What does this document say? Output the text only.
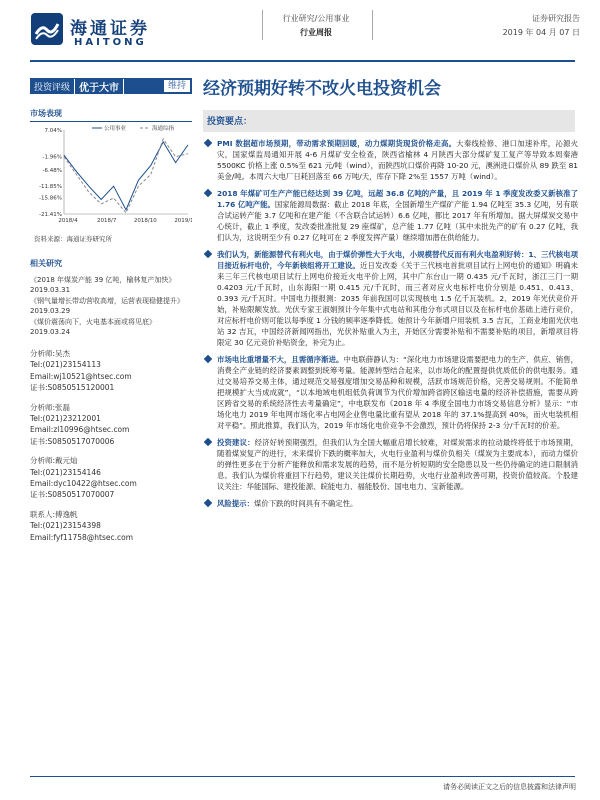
海通证券
HAITONG
行业研究/公用事业
行业周报
证券研究报告
2019 年 04 月 07 日
投资评级 优于大市	维持 经济预期好转不改火电投资机会
市场表现
7.04%
-1.96%
-6.48%
-11.85%
-15.86%
-21.41%
2018/4	2018/7	2018/10	2019/1
公用事业	海通综指
资料来源：海通证券研究所
相关研究
《2018 年煤炭产能 39 亿吨，榆林复产加快》2019.03.31
《钢气量增长带动营收高增，运营表现稳健提升》2019.03.29
《煤价震荡向下，火电基本面或将见底》2019.03.24
分析师:吴杰
Tel:(021)23154113
Email:wj10521@htsec.com
证书:S0850515120001
分析师:张磊
Tel:(021)23212001
Email:zl10996@htsec.com
证书:S0850517070006
分析师:戴元灿
Tel:(021)23154146
Email:dyc10422@htsec.com
证书:S0850517070007
联系人:傅逸帆
Tel:(021)23154398
Email:fyf11758@htsec.com
投资要点：
PMI 数据超市场预期，带动需求预期回暖，动力煤期货现货价格走高。大秦线检修、港口加速补库，沁源火灾，国家煤监局通知开展 4-6 月煤矿安全检查，陕西省榆林 4 月陕西大部分煤矿复工复产等导致本周秦港 5500KC 价格上涨 0.5%至 621 元/吨（wind），而陕西坑口煤价再降 10-20 元，澳洲进口煤价从 89 跌至 81 美金/吨。本周六大电厂日耗回落至 66 万吨/天，库存下降 2%至 1557 万吨（wind）。
2018 年煤矿可生产产能已经达到 39 亿吨，远超 36.8 亿吨的产量，且 2019 年 1 季度发改委又新核准了 1.76 亿吨产能。国家能源局数据：截止 2018 年底，全国新增生产煤矿产能 1.94 亿吨至 35.3 亿吨，另有联合试运转产能 3.7 亿吨和在建产能（不含联合试运转）6.6 亿吨，都比 2017 年有所增加。据大屏煤炭交易中心统计，截止 1 季度，发改委批准批复 29 座煤矿，总产能 1.77 亿吨（其中未批先产的矿有 0.27 亿吨，我们认为，这说明至少有 0.27 亿吨可在 2 季度发挥产量）继续增加潜在供给能力。
我们认为，新能源替代有利火电，由于煤价弹性大于火电，小规模替代反而有利火电盈利好转：1、三代核电项目接近标杆电价，今年新核组将开工建设。近日发改委《关于三代核电首批项目试行上网电价的通知》明确未来三年三代核电项目试行上网电价接近火电平价上网，其中广东台山一期 0.435 元/千瓦时，浙江三门一期 0.4203 元/千瓦时，山东海阳一期 0.415 元/千瓦时，而三者对应火电标杆电价分别是 0.451、0.413、0.393 元/千瓦时。中国电力报报测：2035 年前我国可以实现核电 1.5 亿千瓦装机。2、2019 年光伏竞价开始，补贴限额发放。光伏专家王淑娟预计今年集中式电站和其他分布式项目以及在标杆电价基础上进行竞价，对应标杆电价则可能以每季度 1 分钱的频率逐季降低。她预计今年新增户用装机 3.5 吉瓦，工商业地面光伏电站 32 吉瓦，中国经济新闻网指出，光伏补贴重入为主，开始区分需要补贴和不需要补贴的项目，新增项目将限定 30 亿元竞价补贴资金，补完为止。
市场电比重增量不大，且需循序渐进。中电联薛静认为：“深化电力市场建设需要把电力的生产、供应、销售，消费全产业链的经济要素调整到统筹考量。能源转型结合起来，以市场化的配置提供优质低价的供电服务。通过交易培养交易主体，通过规范交易强度增加交易品种和规模，活跃市场规范价格，完善交易规则。不能简单把规模扩大当成成就”，“以本地域电机组低负荷调节为代价增加跨省跨区输送电量的经济补偿措施，需要从跨区跨省交易的系统经济性去考量确定”，中电联发布《2018 年 4 季度全国电力市场交易信息分析》显示：“市场化电力 2019 年电网市场化率占电网企业售电量比重有望从 2018 年的 37.1%提高到 40%，而火电装机相对平稳”。照此推算，我们认为，2019 年市场化电价竞争不会激烈，预计仍将保持 2-3 分/千瓦时的价差。
投资建议：经济好转预期强烈，但我们认为全国大幅重启增长较难，对煤炭需求的拉动最终将低于市场预期，随着煤炭复产的进行，未来煤价下跌的概率加大，火电行业盈利与煤价负相关（煤炭为主要成本），而动力煤价的弹性更多在于分析产能释放和需求发展的趋势，而不是分析短期的安全隐患以及一些仍待确定的进口限制消息。我们认为煤价将重回下行趋势，建议关注煤价长期趋势，火电行业盈利改善可期，投资价值较高。个股建议关注：华能国际、建投能源、皖能电力、福能股份、国电电力、宝新能源。
风险提示：煤价下跌的时间具有不确定性。
请务必阅读正文之后的信息披露和法律声明
